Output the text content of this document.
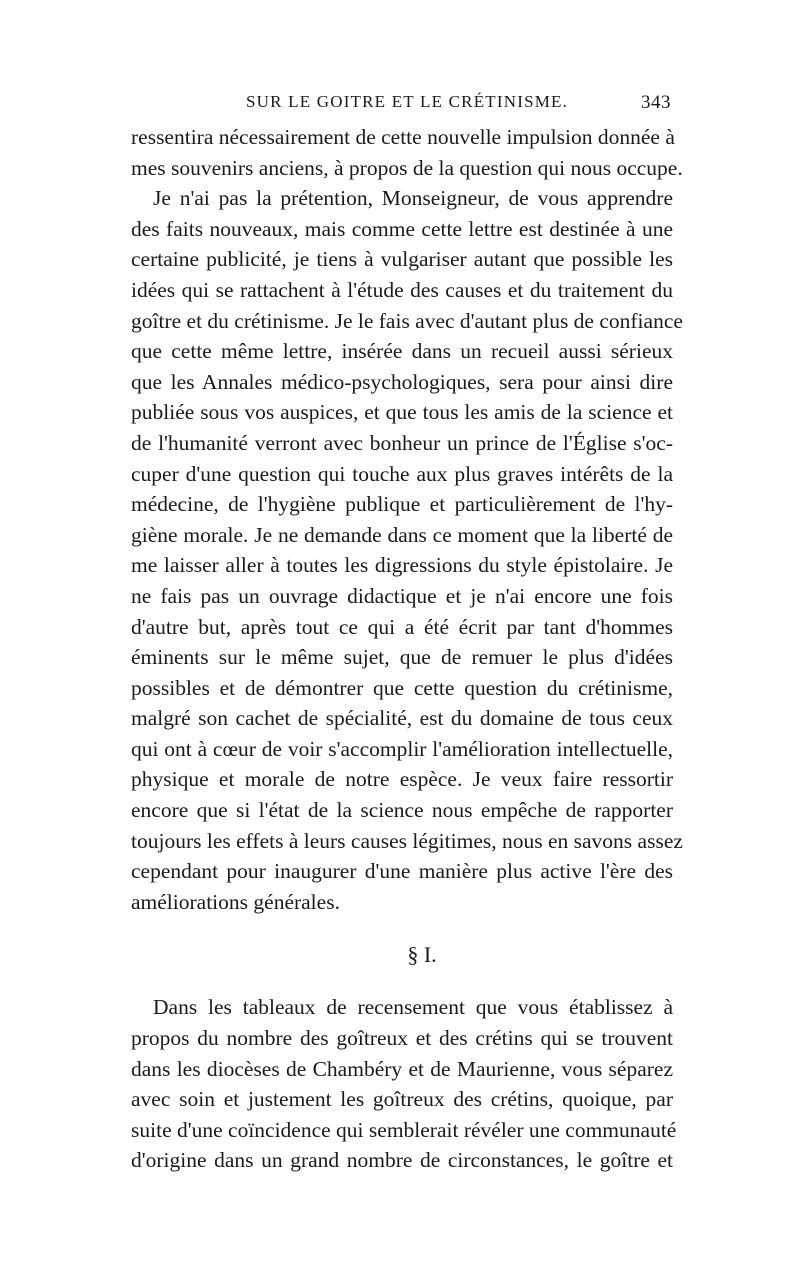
SUR LE GOITRE ET LE CRÉTINISME.	343
ressentira nécessairement de cette nouvelle impulsion donnée à
mes souvenirs anciens, à propos de la question qui nous occupe.
Je n'ai pas la prétention, Monseigneur, de vous apprendre
des faits nouveaux, mais comme cette lettre est destinée à une
certaine publicité, je tiens à vulgariser autant que possible les
idées qui se rattachent à l'étude des causes et du traitement du
goître et du crétinisme. Je le fais avec d'autant plus de confiance
que cette même lettre, insérée dans un recueil aussi sérieux
que les Annales médico-psychologiques, sera pour ainsi dire
publiée sous vos auspices, et que tous les amis de la science et
de l'humanité verront avec bonheur un prince de l'Église s'oc-
cuper d'une question qui touche aux plus graves intérêts de la
médecine, de l'hygiène publique et particulièrement de l'hy-
giène morale. Je ne demande dans ce moment que la liberté de
me laisser aller à toutes les digressions du style épistolaire. Je
ne fais pas un ouvrage didactique et je n'ai encore une fois
d'autre but, après tout ce qui a été écrit par tant d'hommes
éminents sur le même sujet, que de remuer le plus d'idées
possibles et de démontrer que cette question du crétinisme,
malgré son cachet de spécialité, est du domaine de tous ceux
qui ont à cœur de voir s'accomplir l'amélioration intellectuelle,
physique et morale de notre espèce. Je veux faire ressortir
encore que si l'état de la science nous empêche de rapporter
toujours les effets à leurs causes légitimes, nous en savons assez
cependant pour inaugurer d'une manière plus active l'ère des
améliorations générales.
§ I.
Dans les tableaux de recensement que vous établissez à
propos du nombre des goîtreux et des crétins qui se trouvent
dans les diocèses de Chambéry et de Maurienne, vous séparez
avec soin et justement les goîtreux des crétins, quoique, par
suite d'une coïncidence qui semblerait révéler une communauté
d'origine dans un grand nombre de circonstances, le goître et
